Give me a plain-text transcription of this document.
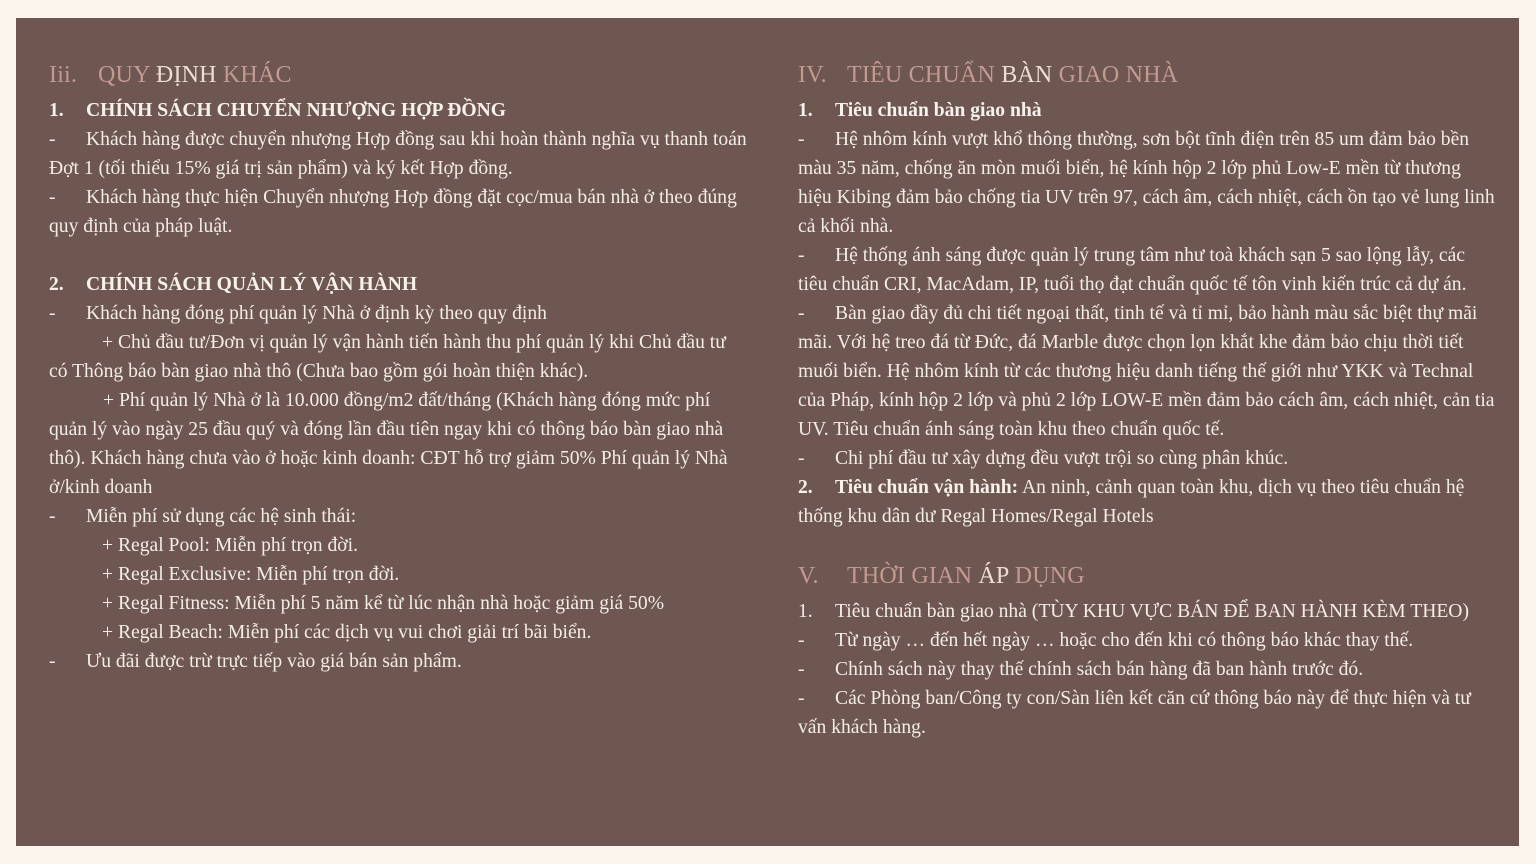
Iii. QUY ĐỊNH KHÁC
1. CHÍNH SÁCH CHUYỂN NHƯỢNG HỢP ĐỒNG

- Khách hàng được chuyển nhượng Hợp đồng sau khi hoàn thành nghĩa vụ thanh toán Đợt 1 (tối thiểu 15% giá trị sản phẩm) và ký kết Hợp đồng.

- Khách hàng thực hiện Chuyển nhượng Hợp đồng đặt cọc/mua bán nhà ở theo đúng quy định của pháp luật.

2. CHÍNH SÁCH QUẢN LÝ VẬN HÀNH

- Khách hàng đóng phí quản lý Nhà ở định kỳ theo quy định

+ Chủ đầu tư/Đơn vị quản lý vận hành tiến hành thu phí quản lý khi Chủ đầu tư có Thông báo bàn giao nhà thô (Chưa bao gồm gói hoàn thiện khác).

+ Phí quản lý Nhà ở là 10.000 đồng/m2 đất/tháng (Khách hàng đóng mức phí quản lý vào ngày 25 đầu quý và đóng lần đầu tiên ngay khi có thông báo bàn giao nhà thô). Khách hàng chưa vào ở hoặc kinh doanh: CĐT hỗ trợ giảm 50% Phí quản lý Nhà ở/kinh doanh

- Miễn phí sử dụng các hệ sinh thái:

+ Regal Pool: Miễn phí trọn đời.

+ Regal Exclusive: Miễn phí trọn đời.

+ Regal Fitness: Miễn phí 5 năm kể từ lúc nhận nhà hoặc giảm giá 50%

+ Regal Beach: Miễn phí các dịch vụ vui chơi giải trí bãi biển.

- Ưu đãi được trừ trực tiếp vào giá bán sản phẩm.

IV. TIÊU CHUẨN BÀN GIAO NHÀ
1. Tiêu chuẩn bàn giao nhà

- Hệ nhôm kính vượt khổ thông thường, sơn bột tĩnh điện trên 85 um đảm bảo bền màu 35 năm, chống ăn mòn muối biển, hệ kính hộp 2 lớp phủ Low-E mền từ thương hiệu Kibing đảm bảo chống tia UV trên 97, cách âm, cách nhiệt, cách ồn tạo vẻ lung linh cả khối nhà.

- Hệ thống ánh sáng được quản lý trung tâm như toà khách sạn 5 sao lộng lẫy, các tiêu chuẩn CRI, MacAdam, IP, tuổi thọ đạt chuẩn quốc tế tôn vinh kiến trúc cả dự án.

- Bàn giao đầy đủ chi tiết ngoại thất, tinh tế và tỉ mỉ, bảo hành màu sắc biệt thự mãi mãi. Với hệ treo đá từ Đức, đá Marble được chọn lọn khắt khe đảm bảo chịu thời tiết muối biển. Hệ nhôm kính từ các thương hiệu danh tiếng thế giới như YKK và Technal của Pháp, kính hộp 2 lớp và phủ 2 lớp LOW-E mền đảm bảo cách âm, cách nhiệt, cản tia UV. Tiêu chuẩn ánh sáng toàn khu theo chuẩn quốc tế.

- Chi phí đầu tư xây dựng đều vượt trội so cùng phân khúc.

2. Tiêu chuẩn vận hành: An ninh, cảnh quan toàn khu, dịch vụ theo tiêu chuẩn hệ thống khu dân dư Regal Homes/Regal Hotels

V. THỜI GIAN ÁP DỤNG

1. Tiêu chuẩn bàn giao nhà (TÙY KHU VỰC BÁN ĐỂ BAN HÀNH KÈM THEO)

- Từ ngày … đến hết ngày … hoặc cho đến khi có thông báo khác thay thế.

- Chính sách này thay thế chính sách bán hàng đã ban hành trước đó.

- Các Phòng ban/Công ty con/Sàn liên kết căn cứ thông báo này để thực hiện và tư vấn khách hàng.
